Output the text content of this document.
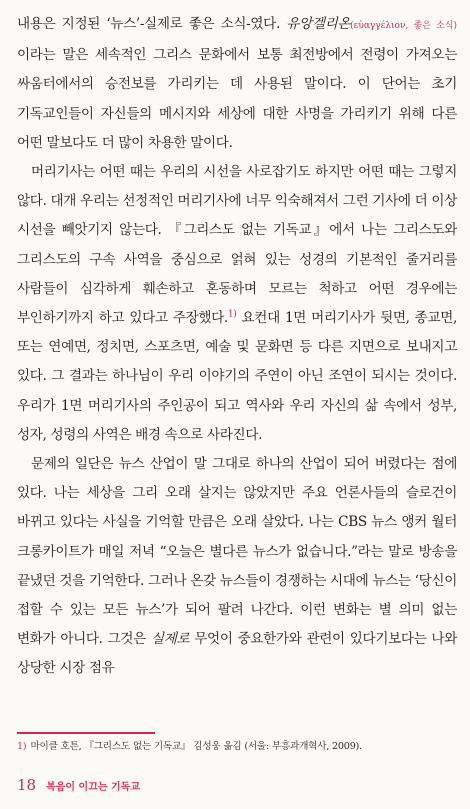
내용은 지정된 ‘뉴스’-실제로 좋은 소식-였다. 유앙겔리온(εὐαγγέλιον, 좋은 소식)이라는 말은 세속적인 그리스 문화에서 보통 최전방에서 전령이 가져오는 싸움터에서의 승전보를 가리키는 데 사용된 말이다. 이 단어는 초기 기독교인들이 자신들의 메시지와 세상에 대한 사명을 가리키기 위해 다른 어떤 말보다도 더 많이 차용한 말이다.

머리기사는 어떤 때는 우리의 시선을 사로잡기도 하지만 어떤 때는 그렇지 않다. 대개 우리는 선정적인 머리기사에 너무 익숙해져서 그런 기사에 더 이상 시선을 빼앗기지 않는다. 『그리스도 없는 기독교』에서 나는 그리스도와 그리스도의 구속 사역을 중심으로 얽혀 있는 성경의 기본적인 줄거리를 사람들이 심각하게 훼손하고 혼동하며 모르는 척하고 어떤 경우에는 부인하기까지 하고 있다고 주장했다.$^{1)}$ 요컨대 1면 머리기사가 뒷면, 종교면, 또는 연예면, 정치면, 스포츠면, 예술 및 문화면 등 다른 지면으로 보내지고 있다. 그 결과는 하나님이 우리 이야기의 주연이 아닌 조연이 되시는 것이다. 우리가 1면 머리기사의 주인공이 되고 역사와 우리 자신의 삶 속에서 성부, 성자, 성령의 사역은 배경 속으로 사라진다.

문제의 일단은 뉴스 산업이 말 그대로 하나의 산업이 되어 버렸다는 점에 있다. 나는 세상을 그리 오래 살지는 않았지만 주요 언론사들의 슬로건이 바뀌고 있다는 사실을 기억할 만큼은 오래 살았다. 나는 CBS 뉴스 앵커 월터 크롱카이트가 매일 저녁 “오늘은 별다른 뉴스가 없습니다.”라는 말로 방송을 끝냈던 것을 기억한다. 그러나 온갖 뉴스들이 경쟁하는 시대에 뉴스는 ‘당신이 접할 수 있는 모든 뉴스’가 되어 팔려 나간다. 이런 변화는 별 의미 없는 변화가 아니다. 그것은 실제로 무엇이 중요한가와 관련이 있다기보다는 나와 상당한 시장 점유

1) 마이클 호튼, 『그리스도 없는 기독교』 김성웅 옮김 (서울: 부흥과개혁사, 2009).
18 복음이 이끄는 기독교
